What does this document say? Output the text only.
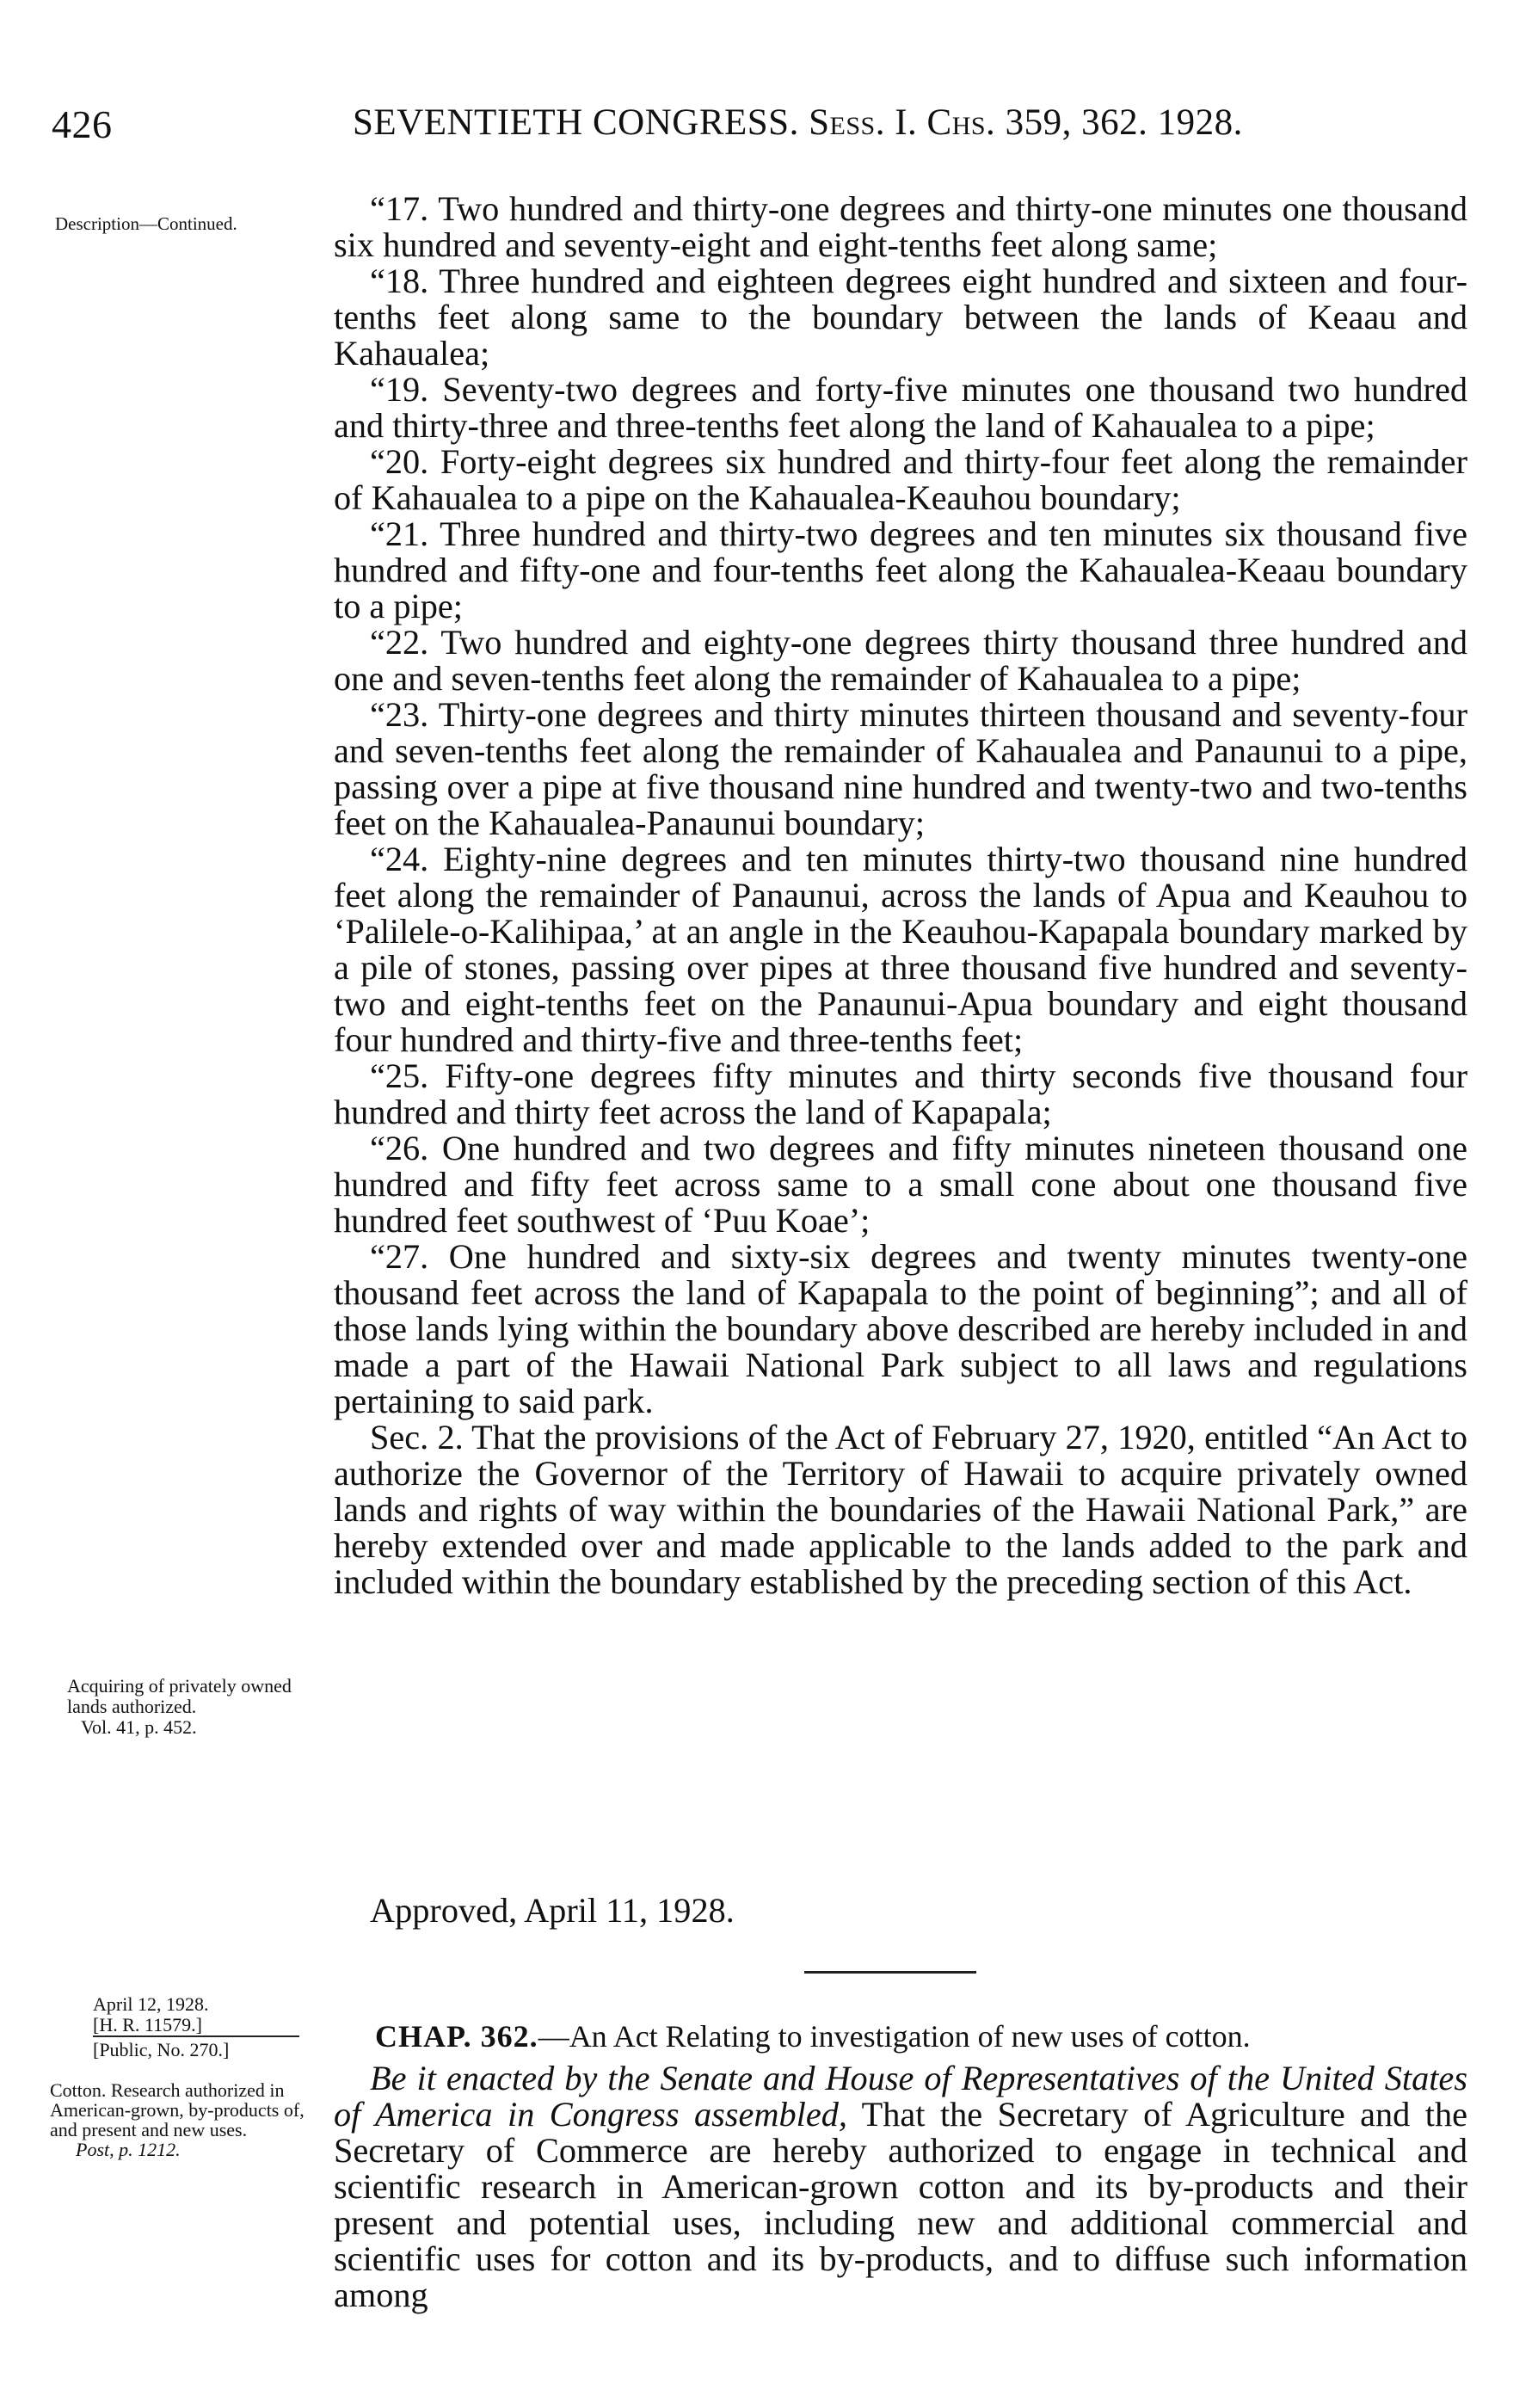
426	SEVENTIETH CONGRESS. Sess. I. Chs. 359, 362. 1928.
Description—Continued.	“17. Two hundred and thirty-one degrees and thirty-one minutes one thousand six hundred and seventy-eight and eight-tenths feet along same;

“18. Three hundred and eighteen degrees eight hundred and sixteen and four-tenths feet along same to the boundary between the lands of Keaau and Kahaualea;

“19. Seventy-two degrees and forty-five minutes one thousand two hundred and thirty-three and three-tenths feet along the land of Kahaualea to a pipe;

“20. Forty-eight degrees six hundred and thirty-four feet along the remainder of Kahaualea to a pipe on the Kahaualea-Keauhou boundary;

“21. Three hundred and thirty-two degrees and ten minutes six thousand five hundred and fifty-one and four-tenths feet along the Kahaualea-Keaau boundary to a pipe;

“22. Two hundred and eighty-one degrees thirty thousand three hundred and one and seven-tenths feet along the remainder of Kahaualea to a pipe;

“23. Thirty-one degrees and thirty minutes thirteen thousand and seventy-four and seven-tenths feet along the remainder of Kahaualea and Panaunui to a pipe, passing over a pipe at five thousand nine hundred and twenty-two and two-tenths feet on the Kahaualea-Panaunui boundary;

“24. Eighty-nine degrees and ten minutes thirty-two thousand nine hundred feet along the remainder of Panaunui, across the lands of Apua and Keauhou to ‘Palilele-o-Kalihipaa,’ at an angle in the Keauhou-Kapapala boundary marked by a pile of stones, passing over pipes at three thousand five hundred and seventy-two and eight-tenths feet on the Panaunui-Apua boundary and eight thousand four hundred and thirty-five and three-tenths feet;

“25. Fifty-one degrees fifty minutes and thirty seconds five thousand four hundred and thirty feet across the land of Kapapala;

“26. One hundred and two degrees and fifty minutes nineteen thousand one hundred and fifty feet across same to a small cone about one thousand five hundred feet southwest of ‘Puu Koae’;

“27. One hundred and sixty-six degrees and twenty minutes twenty-one thousand feet across the land of Kapapala to the point of beginning”; and all of those lands lying within the boundary above described are hereby included in and made a part of the Hawaii National Park subject to all laws and regulations pertaining to said park.

Sec. 2. That the provisions of the Act of February 27, 1920, entitled “An Act to authorize the Governor of the Territory of Hawaii to acquire privately owned lands and rights of way within the boundaries of the Hawaii National Park,” are hereby extended over and made applicable to the lands added to the park and included within the boundary established by the preceding section of this Act.

Acquiring of privately owned lands authorized.
Vol. 41, p. 452.
Approved, April 11, 1928.
April 12, 1928.
[H. R. 11579.]
[Public, No. 270.]	CHAP. 362.—An Act Relating to investigation of new uses of cotton.
Cotton. Research authorized in American-grown, by-products of, and present and new uses.
Post, p. 1212.

Be it enacted by the Senate and House of Representatives of the United States of America in Congress assembled, That the Secretary of Agriculture and the Secretary of Commerce are hereby authorized to engage in technical and scientific research in American-grown cotton and its by-products and their present and potential uses, including new and additional commercial and scientific uses for cotton and its by-products, and to diffuse such information among
